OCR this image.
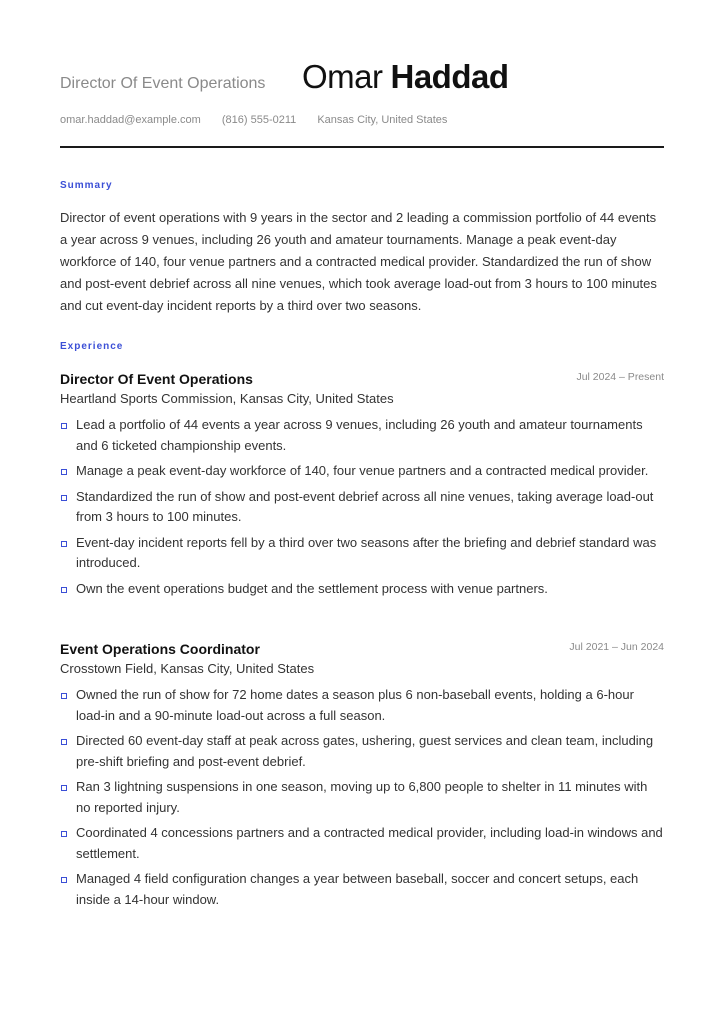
Director Of Event Operations Omar Haddad
omar.haddad@example.com (816) 555-0211 Kansas City, United States
Summary
Director of event operations with 9 years in the sector and 2 leading a commission portfolio of 44 events a year across 9 venues, including 26 youth and amateur tournaments. Manage a peak event-day workforce of 140, four venue partners and a contracted medical provider. Standardized the run of show and post-event debrief across all nine venues, which took average load-out from 3 hours to 100 minutes and cut event-day incident reports by a third over two seasons.
Experience
Director Of Event Operations	Jul 2024 – Present
Heartland Sports Commission, Kansas City, United States
Lead a portfolio of 44 events a year across 9 venues, including 26 youth and amateur tournaments and 6 ticketed championship events.
Manage a peak event-day workforce of 140, four venue partners and a contracted medical provider.
Standardized the run of show and post-event debrief across all nine venues, taking average load-out from 3 hours to 100 minutes.
Event-day incident reports fell by a third over two seasons after the briefing and debrief standard was introduced.
Own the event operations budget and the settlement process with venue partners.
Event Operations Coordinator	Jul 2021 – Jun 2024
Crosstown Field, Kansas City, United States
Owned the run of show for 72 home dates a season plus 6 non-baseball events, holding a 6-hour load-in and a 90-minute load-out across a full season.
Directed 60 event-day staff at peak across gates, ushering, guest services and clean team, including pre-shift briefing and post-event debrief.
Ran 3 lightning suspensions in one season, moving up to 6,800 people to shelter in 11 minutes with no reported injury.
Coordinated 4 concessions partners and a contracted medical provider, including load-in windows and settlement.
Managed 4 field configuration changes a year between baseball, soccer and concert setups, each inside a 14-hour window.
